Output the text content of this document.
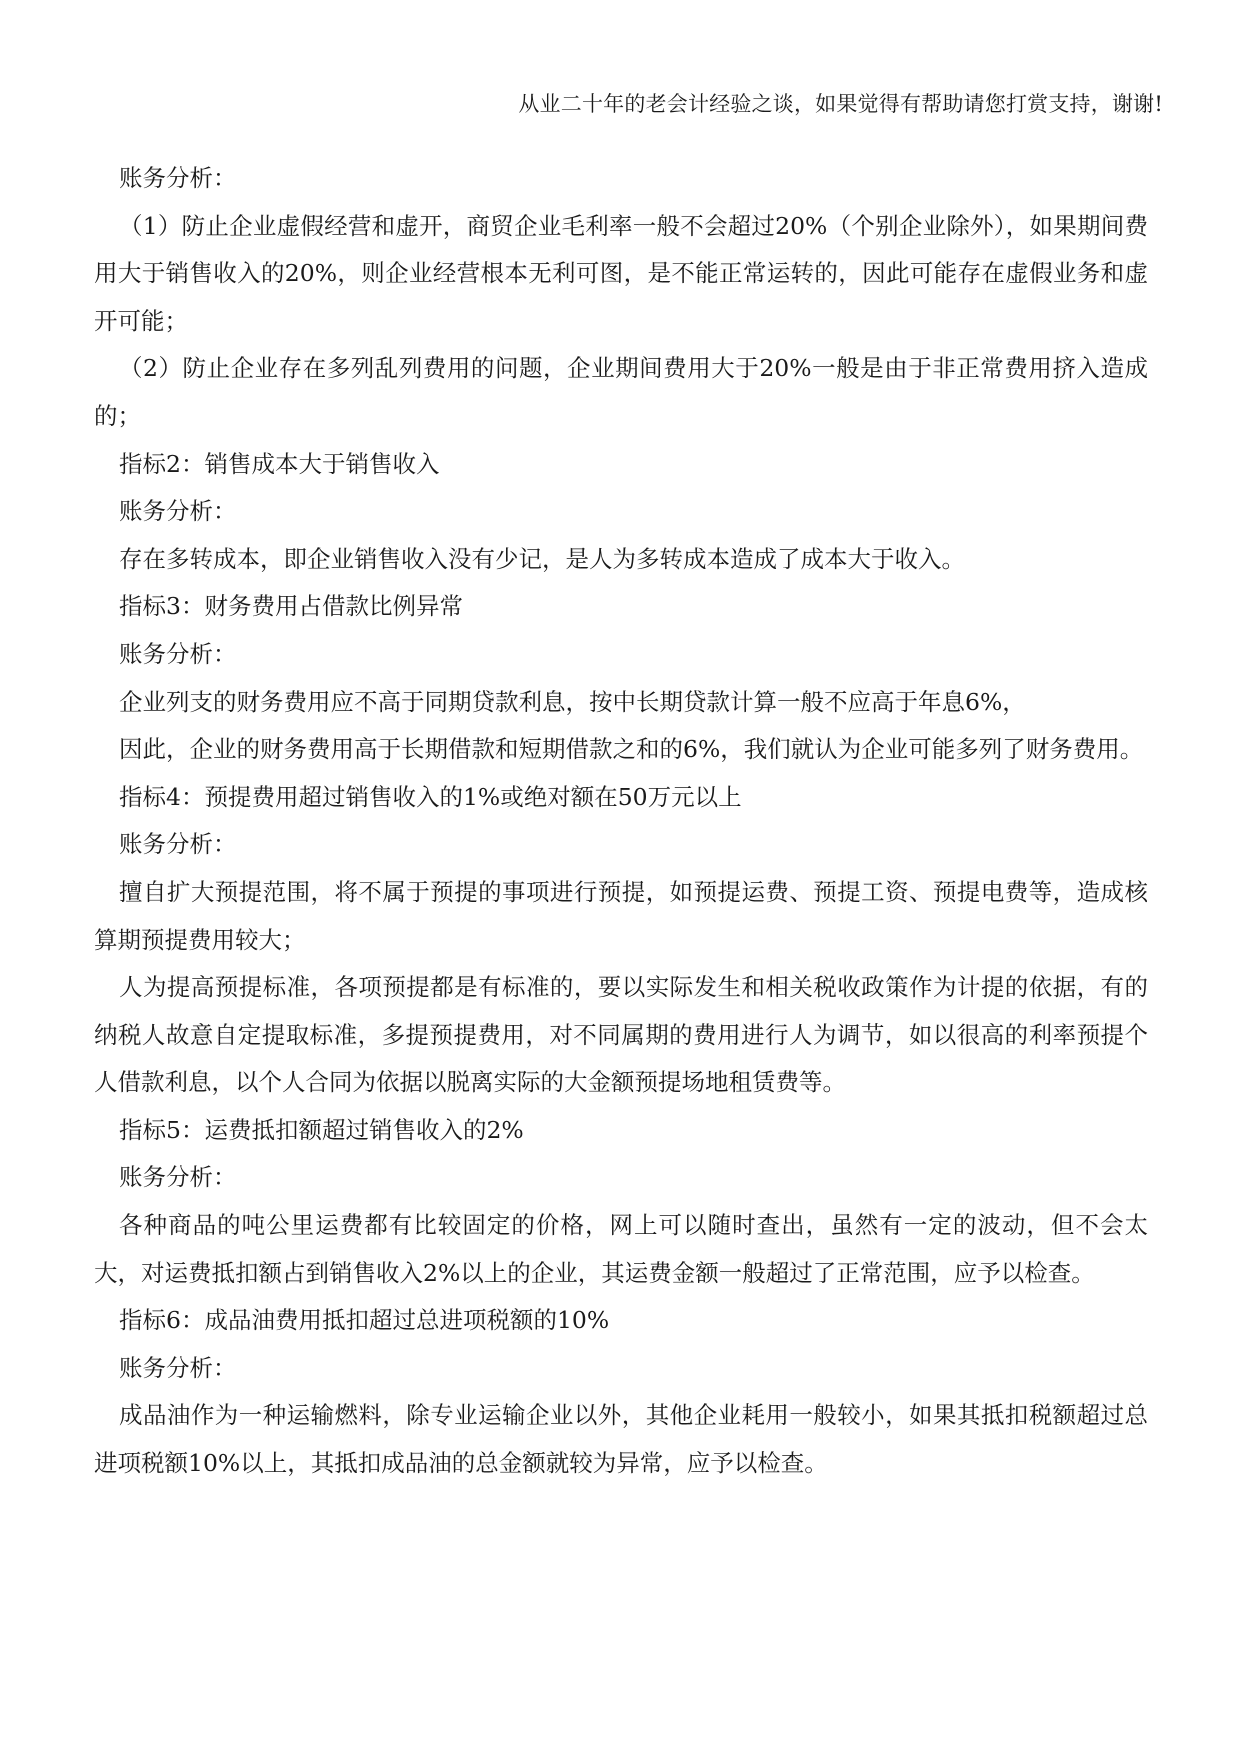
从业二十年的老会计经验之谈，如果觉得有帮助请您打赏支持，谢谢!

账务分析：

（1）防止企业虚假经营和虚开，商贸企业毛利率一般不会超过20%（个别企业除外），如果期间费用大于销售收入的20%，则企业经营根本无利可图，是不能正常运转的，因此可能存在虚假业务和虚开可能；

（2）防止企业存在多列乱列费用的问题，企业期间费用大于20%一般是由于非正常费用挤入造成的；

指标2：销售成本大于销售收入

账务分析：

存在多转成本，即企业销售收入没有少记，是人为多转成本造成了成本大于收入。

指标3：财务费用占借款比例异常

账务分析：

企业列支的财务费用应不高于同期贷款利息，按中长期贷款计算一般不应高于年息6%，

因此，企业的财务费用高于长期借款和短期借款之和的6%，我们就认为企业可能多列了财务费用。

指标4：预提费用超过销售收入的1%或绝对额在50万元以上

账务分析：

擅自扩大预提范围，将不属于预提的事项进行预提，如预提运费、预提工资、预提电费等，造成核算期预提费用较大；

人为提高预提标准，各项预提都是有标准的，要以实际发生和相关税收政策作为计提的依据，有的纳税人故意自定提取标准，多提预提费用，对不同属期的费用进行人为调节，如以很高的利率预提个人借款利息，以个人合同为依据以脱离实际的大金额预提场地租赁费等。

指标5：运费抵扣额超过销售收入的2%

账务分析：

各种商品的吨公里运费都有比较固定的价格，网上可以随时查出，虽然有一定的波动，但不会太大，对运费抵扣额占到销售收入2%以上的企业，其运费金额一般超过了正常范围，应予以检查。

指标6：成品油费用抵扣超过总进项税额的10%

账务分析：

成品油作为一种运输燃料，除专业运输企业以外，其他企业耗用一般较小，如果其抵扣税额超过总进项税额10%以上，其抵扣成品油的总金额就较为异常，应予以检查。
